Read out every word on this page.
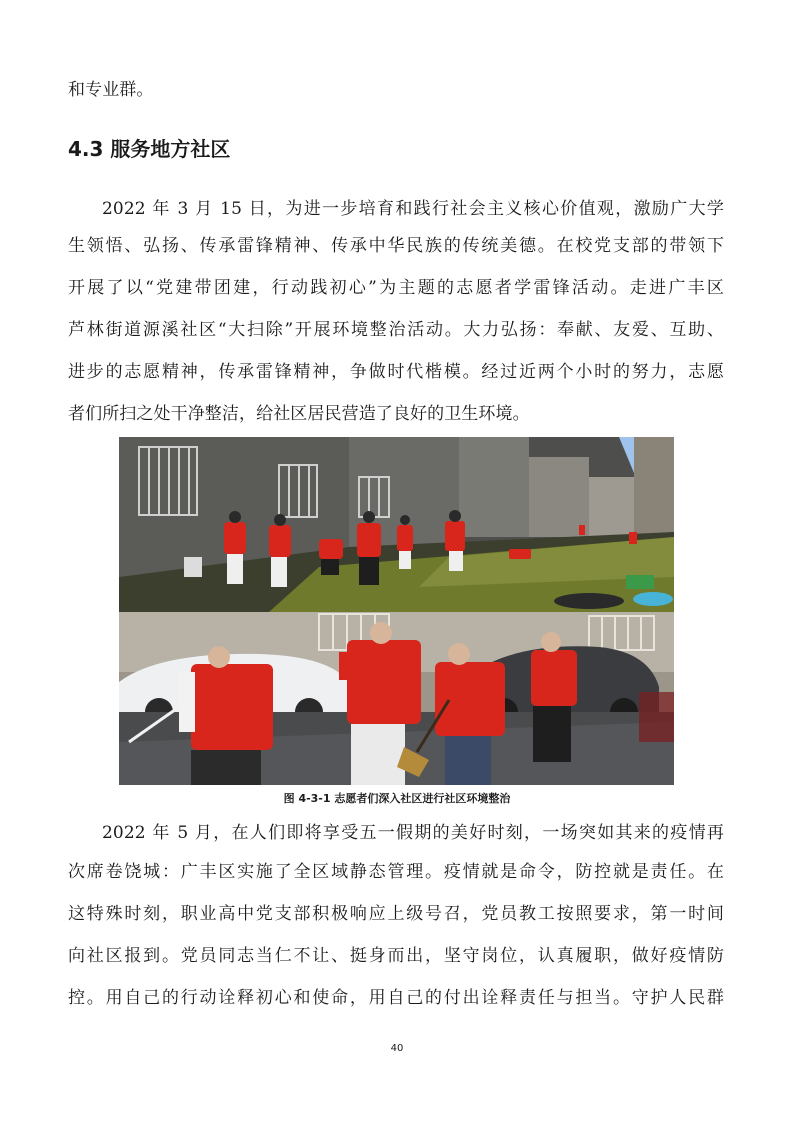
和专业群。

4.3 服务地方社区

2022 年 3 月 15 日，为进一步培育和践行社会主义核心价值观，激励广大学

生领悟、弘扬、传承雷锋精神、传承中华民族的传统美德。在校党支部的带领下

开展了以“党建带团建，行动践初心”为主题的志愿者学雷锋活动。走进广丰区

芦林街道源溪社区“大扫除”开展环境整治活动。大力弘扬：奉献、友爱、互助、

进步的志愿精神，传承雷锋精神，争做时代楷模。经过近两个小时的努力，志愿

者们所扫之处干净整洁，给社区居民营造了良好的卫生环境。

图 4-3-1 志愿者们深入社区进行社区环境整治

2022 年 5 月，在人们即将享受五一假期的美好时刻，一场突如其来的疫情再

次席卷饶城：广丰区实施了全区域静态管理。疫情就是命令，防控就是责任。在

这特殊时刻，职业高中党支部积极响应上级号召，党员教工按照要求，第一时间

向社区报到。党员同志当仁不让、挺身而出，坚守岗位，认真履职，做好疫情防

控。用自己的行动诠释初心和使命，用自己的付出诠释责任与担当。守护人民群

40
